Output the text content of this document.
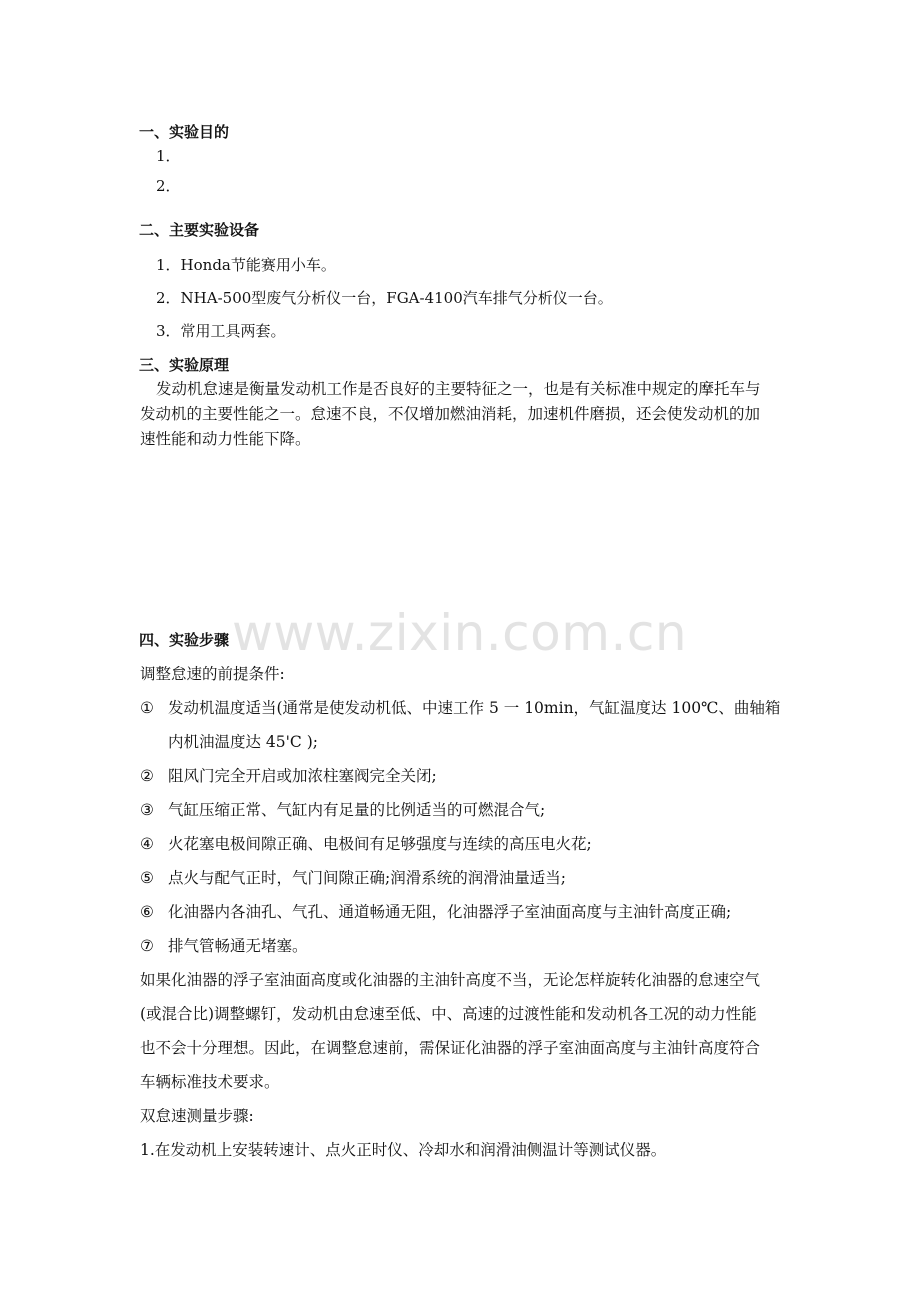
www.zixin.com.cn
一、实验目的
1．
2．
二、主要实验设备
1．Honda节能赛用小车。
2．NHA-500型废气分析仪一台，FGA-4100汽车排气分析仪一台。
3．常用工具两套。
三、实验原理
发动机怠速是衡量发动机工作是否良好的主要特征之一，也是有关标准中规定的摩托车与
发动机的主要性能之一。怠速不良，不仅增加燃油消耗，加速机件磨损，还会使发动机的加
速性能和动力性能下降。
四、实验步骤
调整怠速的前提条件:
① 发动机温度适当(通常是使发动机低、中速工作 5 一 10min，气缸温度达 100℃、曲轴箱
内机油温度达 45'C );
② 阻风门完全开启或加浓柱塞阀完全关闭;
③ 气缸压缩正常、气缸内有足量的比例适当的可燃混合气;
④ 火花塞电极间隙正确、电极间有足够强度与连续的高压电火花;
⑤ 点火与配气正时，气门间隙正确;润滑系统的润滑油量适当;
⑥ 化油器内各油孔、气孔、通道畅通无阻，化油器浮子室油面高度与主油针高度正确;
⑦ 排气管畅通无堵塞。
如果化油器的浮子室油面高度或化油器的主油针高度不当，无论怎样旋转化油器的怠速空气
(或混合比)调整螺钉，发动机由怠速至低、中、高速的过渡性能和发动机各工况的动力性能
也不会十分理想。因此，在调整怠速前，需保证化油器的浮子室油面高度与主油针高度符合
车辆标准技术要求。
双怠速测量步骤:
1.在发动机上安装转速计、点火正时仪、冷却水和润滑油侧温计等测试仪器。
